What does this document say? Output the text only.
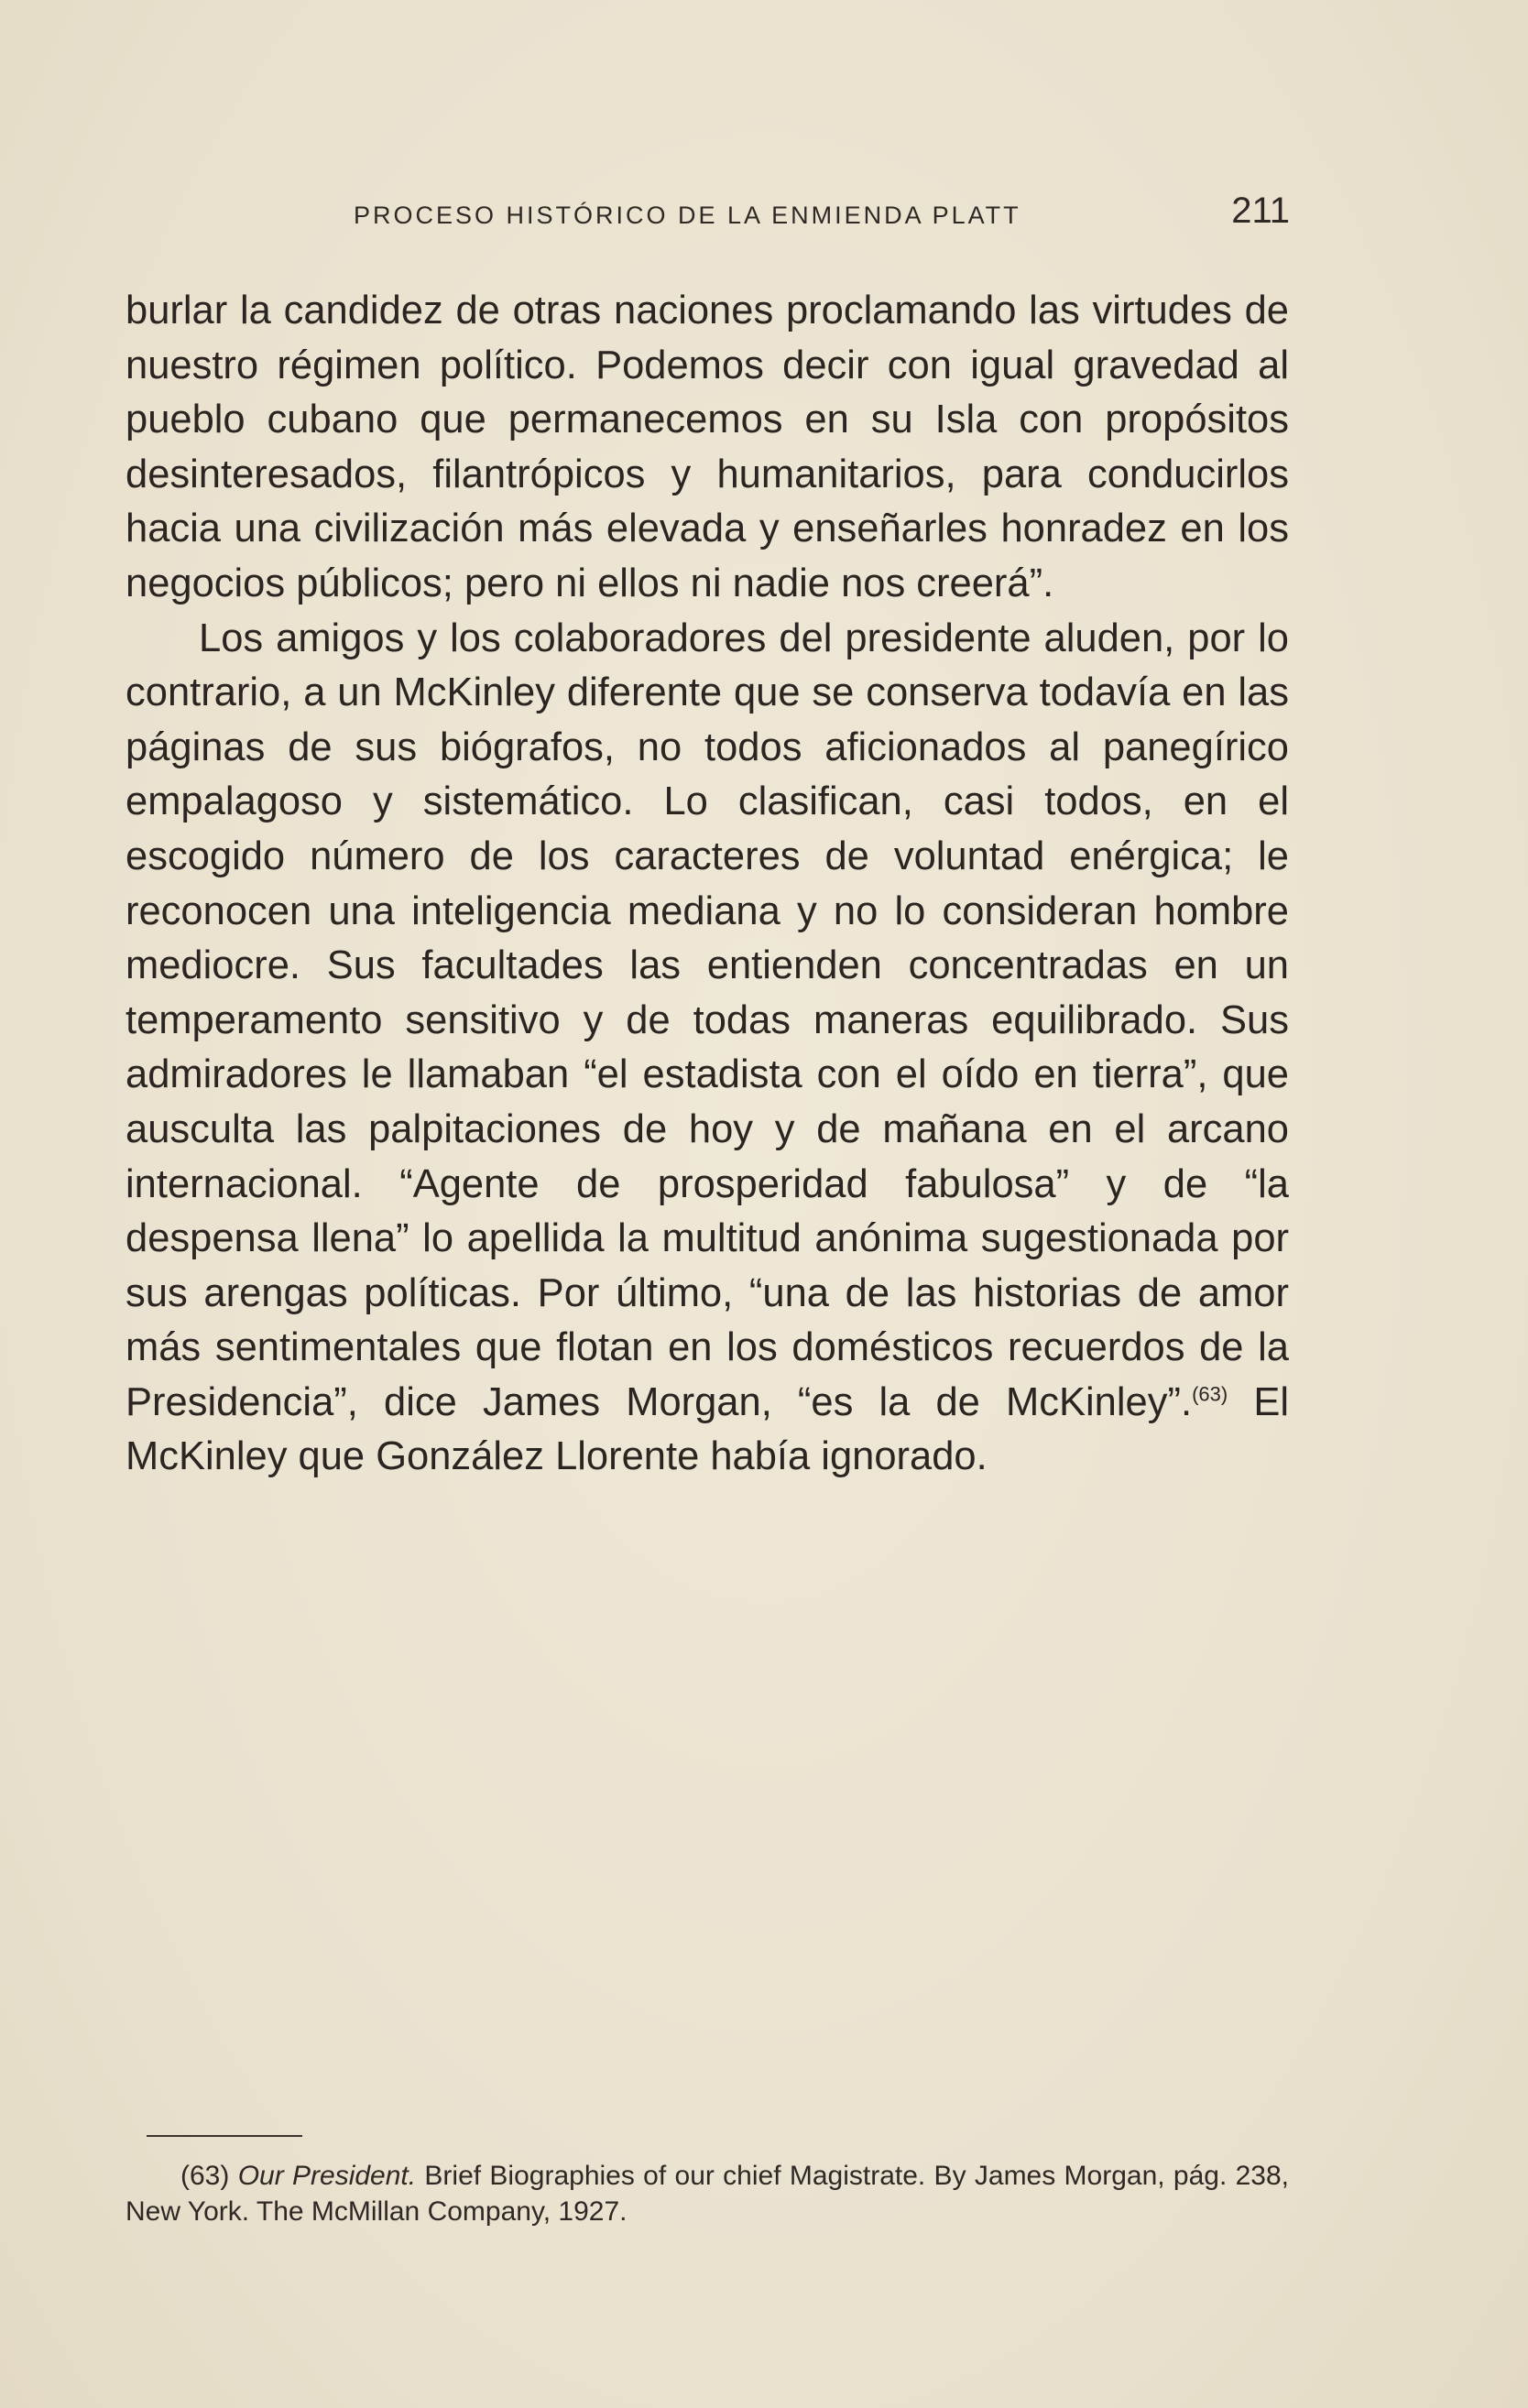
PROCESO HISTÓRICO DE LA ENMIENDA PLATT	211

burlar la candidez de otras naciones proclamando las virtudes de nuestro régimen político. Podemos decir con igual gravedad al pueblo cubano que permanecemos en su Isla con propósitos desinteresados, filantrópicos y humanitarios, para conducirlos hacia una civilización más elevada y enseñarles honradez en los negocios públicos; pero ni ellos ni nadie nos creerá”.

Los amigos y los colaboradores del presidente aluden, por lo contrario, a un McKinley diferente que se conserva todavía en las páginas de sus biógrafos, no todos aficionados al panegírico empalagoso y sistemático. Lo clasifican, casi todos, en el escogido número de los caracteres de voluntad enérgica; le reconocen una inteligencia mediana y no lo consideran hombre mediocre. Sus facultades las entienden concentradas en un temperamento sensitivo y de todas maneras equilibrado. Sus admiradores le llamaban “el estadista con el oído en tierra”, que ausculta las palpitaciones de hoy y de mañana en el arcano internacional. “Agente de prosperidad fabulosa” y de “la despensa llena” lo apellida la multitud anónima sugestionada por sus arengas políticas. Por último, “una de las historias de amor más sentimentales que flotan en los domésticos recuerdos de la Presidencia”, dice James Morgan, “es la de McKinley”.$^{(63)}$ El McKinley que González Llorente había ignorado.

(63) Our President. Brief Biographies of our chief Magistrate. By James Morgan, pág. 238, New York. The McMillan Company, 1927.
